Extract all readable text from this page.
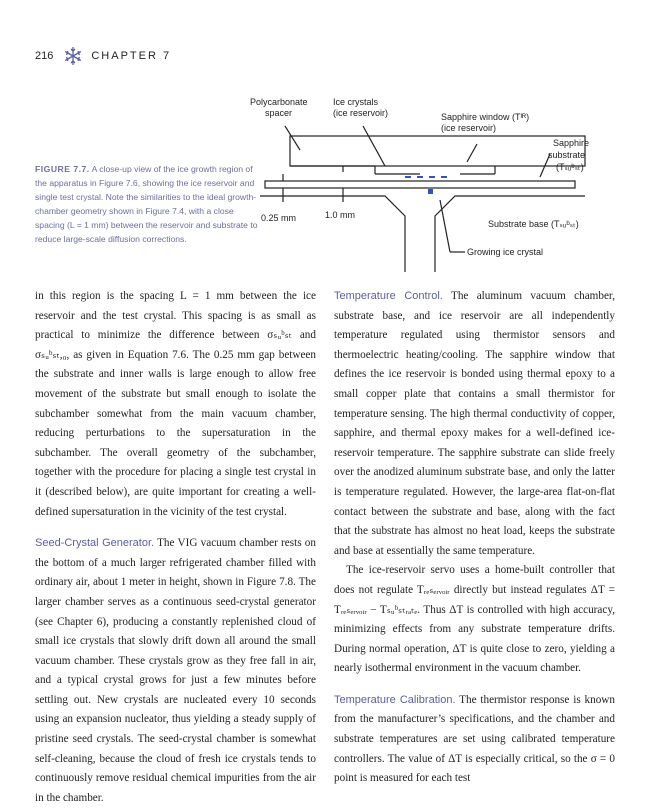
216	CHAPTER 7
Polycarbonate
spacer
Ice crystals
(ice reservoir)	Sapphire window (Tᴵᴿ)
(ice reservoir)
Sapphire
substrate
(Tₛᵤᵇₛₜ)
0.25 mm	1.0 mm
Substrate base (Tₛᵤᵇₛₜ)
Growing ice crystal
FIGURE 7.7. A close-up view of the ice growth region of the apparatus in Figure 7.6, showing the ice reservoir and single test crystal. Note the similarities to the ideal growth-chamber geometry shown in Figure 7.4, with a close spacing (L = 1 mm) between the reservoir and substrate to reduce large-scale diffusion corrections.

in this region is the spacing L = 1 mm between the ice reservoir and the test crystal. This spacing is as small as practical to minimize the difference between σₛᵤᵇₛₜ and σₛᵤᵇₛₜ,₀, as given in Equation 7.6. The 0.25 mm gap between the substrate and inner walls is large enough to allow free movement of the substrate but small enough to isolate the subchamber somewhat from the main vacuum chamber, reducing perturbations to the supersaturation in the subchamber. The overall geometry of the subchamber, together with the procedure for placing a single test crystal in it (described below), are quite important for creating a well-defined supersaturation in the vicinity of the test crystal.

Seed-Crystal Generator. The VIG vacuum chamber rests on the bottom of a much larger refrigerated chamber filled with ordinary air, about 1 meter in height, shown in Figure 7.8. The larger chamber serves as a continuous seed-crystal generator (see Chapter 6), producing a constantly replenished cloud of small ice crystals that slowly drift down all around the small vacuum chamber. These crystals grow as they free fall in air, and a typical crystal grows for just a few minutes before settling out. New crystals are nucleated every 10 seconds using an expansion nucleator, thus yielding a steady supply of pristine seed crystals. The seed-crystal chamber is somewhat self-cleaning, because the cloud of fresh ice crystals tends to continuously remove residual chemical impurities from the air in the chamber.

Temperature Control. The aluminum vacuum chamber, substrate base, and ice reservoir are all independently temperature regulated using thermistor sensors and thermoelectric heating/cooling. The sapphire window that defines the ice reservoir is bonded using thermal epoxy to a small copper plate that contains a small thermistor for temperature sensing. The high thermal conductivity of copper, sapphire, and thermal epoxy makes for a well-defined ice-reservoir temperature. The sapphire substrate can slide freely over the anodized aluminum substrate base, and only the latter is temperature regulated. However, the large-area flat-on-flat contact between the substrate and base, along with the fact that the substrate has almost no heat load, keeps the substrate and base at essentially the same temperature.

The ice-reservoir servo uses a home-built controller that does not regulate Tᵣₑₛₑᵣᵥₒᵢᵣ directly but instead regulates ΔT = Tᵣₑₛₑᵣᵥₒᵢᵣ − Tₛᵤᵇₛₜᵣₐₜₑ. Thus ΔT is controlled with high accuracy, minimizing effects from any substrate temperature drifts. During normal operation, ΔT is quite close to zero, yielding a nearly isothermal environment in the vacuum chamber.

Temperature Calibration. The thermistor response is known from the manufacturer’s specifications, and the chamber and substrate temperatures are set using calibrated temperature controllers. The value of ΔT is especially critical, so the σ = 0 point is measured for each test
